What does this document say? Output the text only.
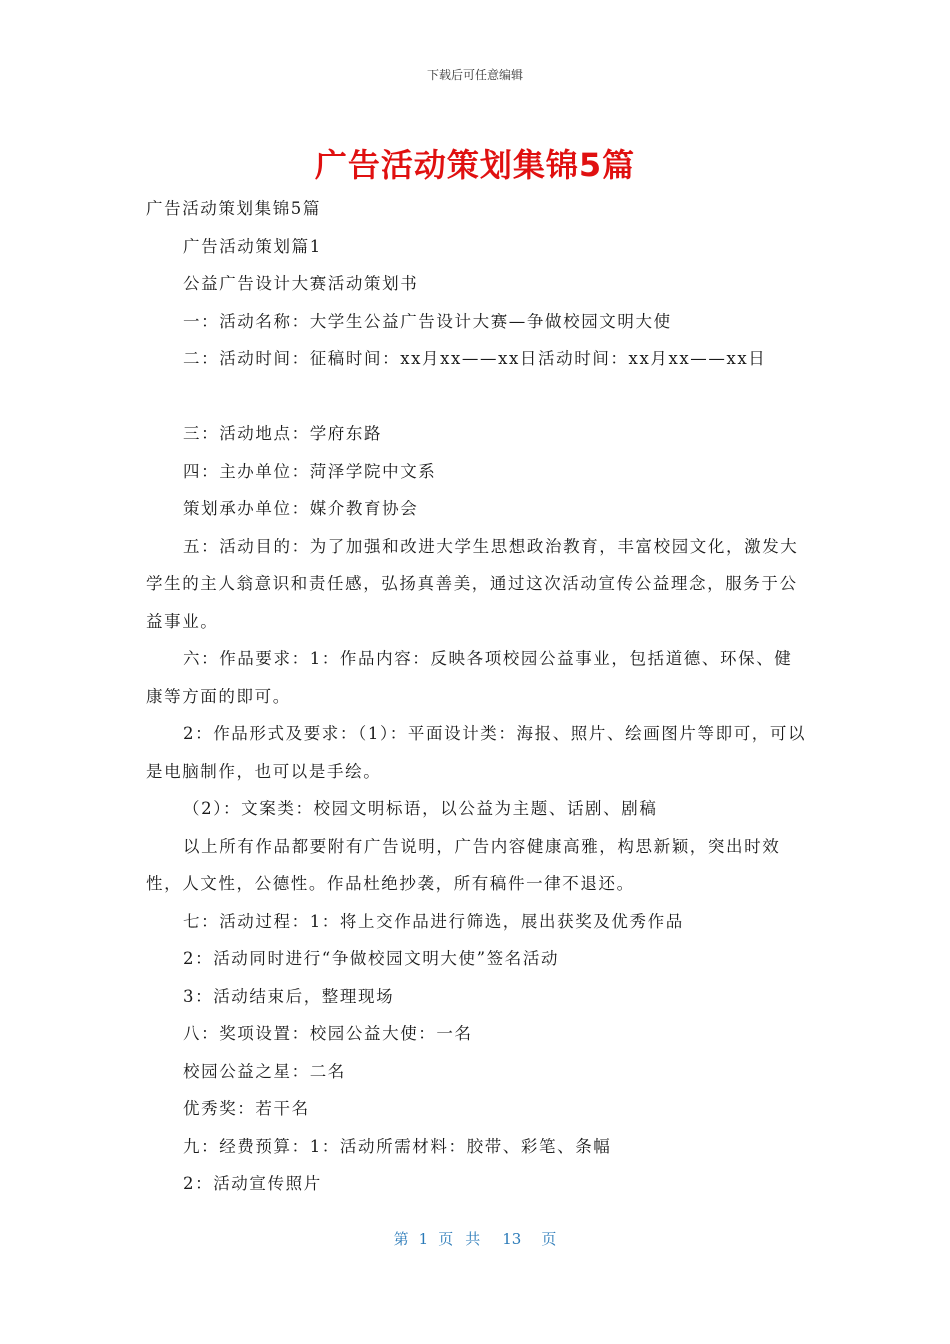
下载后可任意编辑
广告活动策划集锦5篇

广告活动策划集锦5篇

广告活动策划篇1

公益广告设计大赛活动策划书

一：活动名称：大学生公益广告设计大赛—争做校园文明大使

二：活动时间：征稿时间：xx月xx——xx日活动时间：xx月xx——xx日

三：活动地点：学府东路

四：主办单位：菏泽学院中文系

策划承办单位：媒介教育协会

五：活动目的：为了加强和改进大学生思想政治教育，丰富校园文化，激发大学生的主人翁意识和责任感，弘扬真善美，通过这次活动宣传公益理念，服务于公益事业。

六：作品要求：1：作品内容：反映各项校园公益事业，包括道德、环保、健康等方面的即可。

2：作品形式及要求：（1）：平面设计类：海报、照片、绘画图片等即可，可以是电脑制作，也可以是手绘。

（2）：文案类：校园文明标语，以公益为主题、话剧、剧稿

以上所有作品都要附有广告说明，广告内容健康高雅，构思新颖，突出时效性，人文性，公德性。作品杜绝抄袭，所有稿件一律不退还。

七：活动过程：1：将上交作品进行筛选，展出获奖及优秀作品

2：活动同时进行“争做校园文明大使”签名活动

3：活动结束后，整理现场

八：奖项设置：校园公益大使：一名

校园公益之星：二名

优秀奖：若干名

九：经费预算：1：活动所需材料：胶带、彩笔、条幅

2：活动宣传照片

第 1 页共 13 页
